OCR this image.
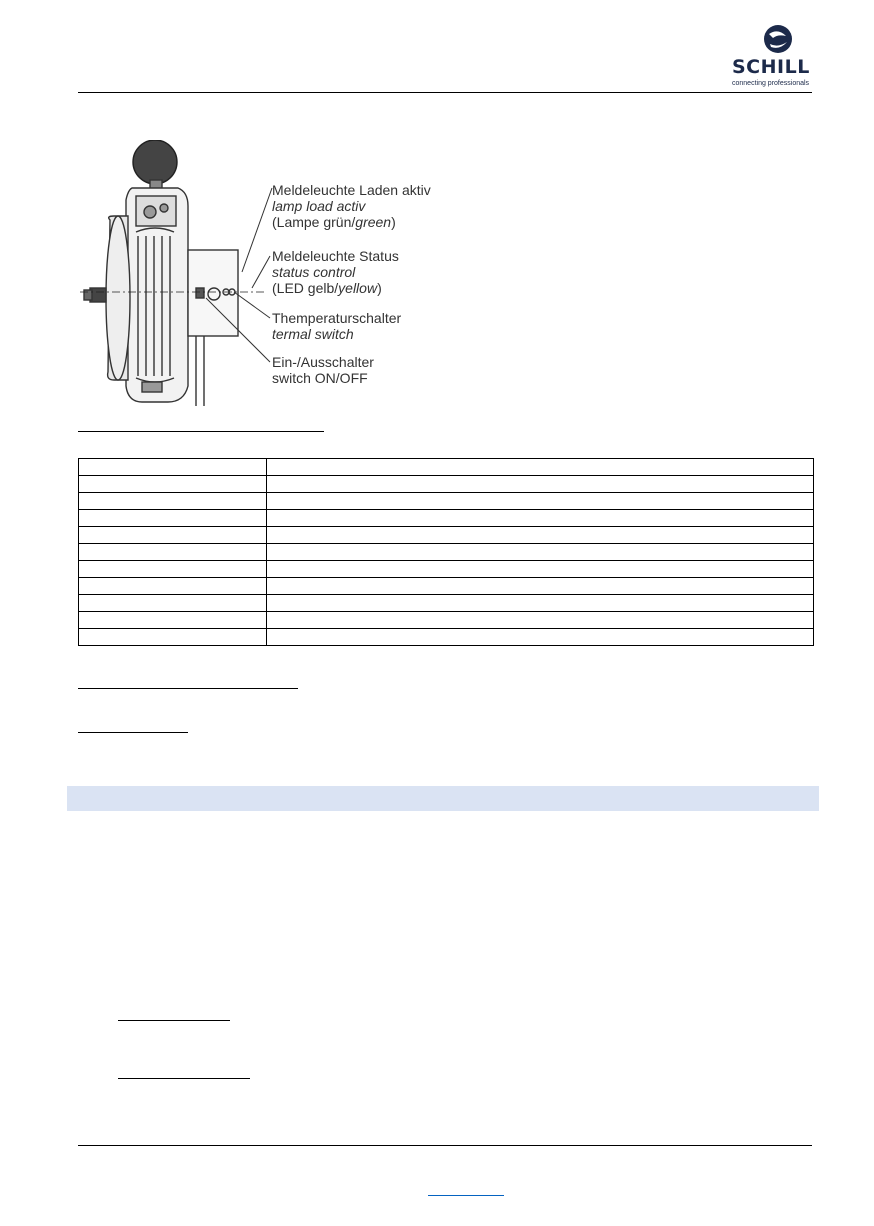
SCHILL
connecting professionals
Meldeleuchte Laden aktiv
lamp load activ
(Lampe grün/green)
Meldeleuchte Status
status control
(LED gelb/yellow)
Themperaturschalter
termal switch
Ein-/Ausschalter
switch ON/OFF
